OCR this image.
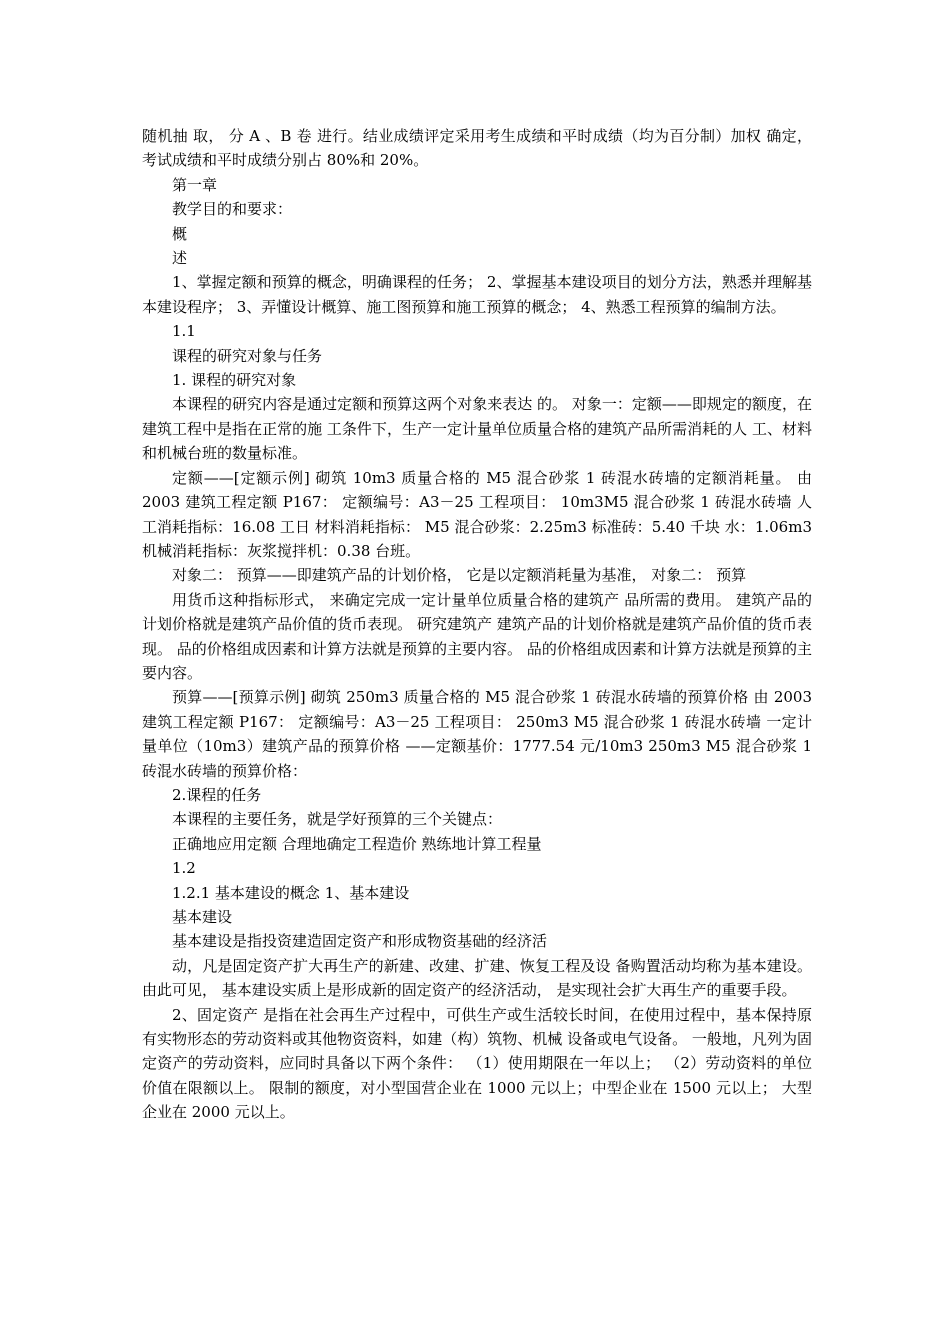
随机抽 取， 分 A 、B 卷 进行。结业成绩评定采用考生成绩和平时成绩（均为百分制）加权 确定，考试成绩和平时成绩分别占 80%和 20%。

第一章

教学目的和要求：

概

述

1、掌握定额和预算的概念，明确课程的任务； 2、掌握基本建设项目的划分方法，熟悉并理解基本建设程序； 3、弄懂设计概算、施工图预算和施工预算的概念； 4、熟悉工程预算的编制方法。

1.1

课程的研究对象与任务

1. 课程的研究对象

本课程的研究内容是通过定额和预算这两个对象来表达 的。 对象一：定额——即规定的额度，在建筑工程中是指在正常的施 工条件下，生产一定计量单位质量合格的建筑产品所需消耗的人 工、材料和机械台班的数量标准。

定额——[定额示例] 砌筑 10m3 质量合格的 M5 混合砂浆 1 砖混水砖墙的定额消耗量。 由 2003 建筑工程定额 P167： 定额编号：A3－25 工程项目： 10m3M5 混合砂浆 1 砖混水砖墙 人工消耗指标：16.08 工日 材料消耗指标： M5 混合砂浆：2.25m3 标准砖：5.40 千块 水：1.06m3 机械消耗指标：灰浆搅拌机：0.38 台班。

对象二： 预算——即建筑产品的计划价格， 它是以定额消耗量为基准， 对象二： 预算

用货币这种指标形式， 来确定完成一定计量单位质量合格的建筑产 品所需的费用。 建筑产品的计划价格就是建筑产品价值的货币表现。 研究建筑产 建筑产品的计划价格就是建筑产品价值的货币表现。 品的价格组成因素和计算方法就是预算的主要内容。 品的价格组成因素和计算方法就是预算的主要内容。

预算——[预算示例] 砌筑 250m3 质量合格的 M5 混合砂浆 1 砖混水砖墙的预算价格 由 2003 建筑工程定额 P167： 定额编号：A3－25 工程项目： 250m3 M5 混合砂浆 1 砖混水砖墙 一定计量单位（10m3）建筑产品的预算价格 ——定额基价：1777.54 元/10m3 250m3 M5 混合砂浆 1 砖混水砖墙的预算价格：

2.课程的任务

本课程的主要任务，就是学好预算的三个关键点：

正确地应用定额 合理地确定工程造价 熟练地计算工程量

1.2

1.2.1 基本建设的概念 1、基本建设

基本建设

基本建设是指投资建造固定资产和形成物资基础的经济活

动，凡是固定资产扩大再生产的新建、改建、扩建、恢复工程及设 备购置活动均称为基本建设。 由此可见， 基本建设实质上是形成新的固定资产的经济活动， 是实现社会扩大再生产的重要手段。

2、固定资产 是指在社会再生产过程中，可供生产或生活较长时间，在使用过程中，基本保持原有实物形态的劳动资料或其他物资资料，如建（构）筑物、机械 设备或电气设备。 一般地，凡列为固定资产的劳动资料，应同时具备以下两个条件： （1）使用期限在一年以上； （2）劳动资料的单位价值在限额以上。 限制的额度，对小型国营企业在 1000 元以上；中型企业在 1500 元以上； 大型企业在 2000 元以上。
